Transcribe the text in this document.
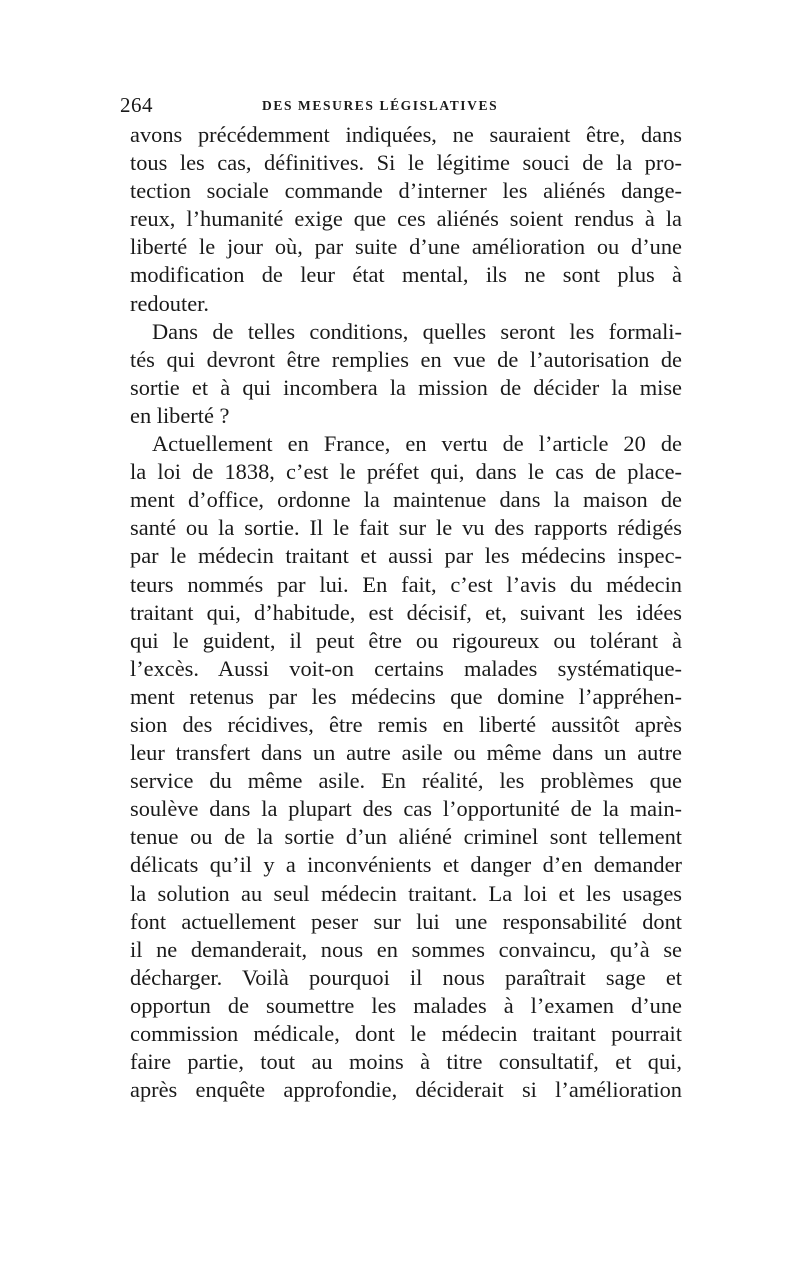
264	DES MESURES LÉGISLATIVES
avons précédemment indiquées, ne sauraient être, dans
tous les cas, définitives. Si le légitime souci de la pro-
tection sociale commande d’interner les aliénés dange-
reux, l’humanité exige que ces aliénés soient rendus à la
liberté le jour où, par suite d’une amélioration ou d’une
modification de leur état mental, ils ne sont plus à
redouter.
Dans de telles conditions, quelles seront les formali-
tés qui devront être remplies en vue de l’autorisation de
sortie et à qui incombera la mission de décider la mise
en liberté ?
Actuellement en France, en vertu de l’article 20 de
la loi de 1838, c’est le préfet qui, dans le cas de place-
ment d’office, ordonne la maintenue dans la maison de
santé ou la sortie. Il le fait sur le vu des rapports rédigés
par le médecin traitant et aussi par les médecins inspec-
teurs nommés par lui. En fait, c’est l’avis du médecin
traitant qui, d’habitude, est décisif, et, suivant les idées
qui le guident, il peut être ou rigoureux ou tolérant à
l’excès. Aussi voit-on certains malades systématique-
ment retenus par les médecins que domine l’appréhen-
sion des récidives, être remis en liberté aussitôt après
leur transfert dans un autre asile ou même dans un autre
service du même asile. En réalité, les problèmes que
soulève dans la plupart des cas l’opportunité de la main-
tenue ou de la sortie d’un aliéné criminel sont tellement
délicats qu’il y a inconvénients et danger d’en demander
la solution au seul médecin traitant. La loi et les usages
font actuellement peser sur lui une responsabilité dont
il ne demanderait, nous en sommes convaincu, qu’à se
décharger. Voilà pourquoi il nous paraîtrait sage et
opportun de soumettre les malades à l’examen d’une
commission médicale, dont le médecin traitant pourrait
faire partie, tout au moins à titre consultatif, et qui,
après enquête approfondie, déciderait si l’amélioration
